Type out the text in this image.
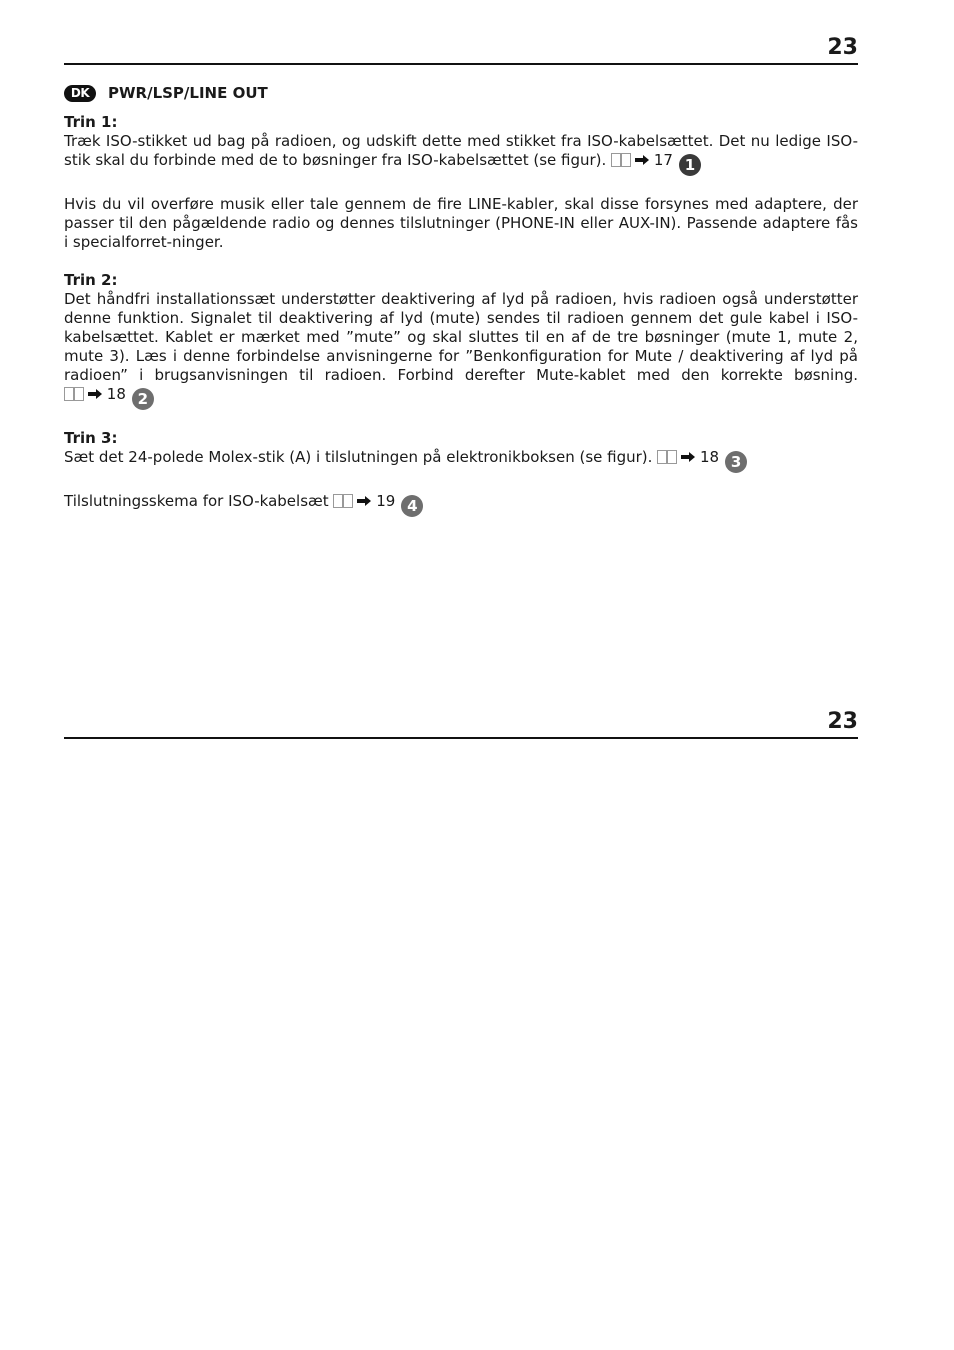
23
DK	PWR/LSP/LINE OUT

Trin 1:

Træk ISO-stikket ud bag på radioen, og udskift dette med stikket fra ISO-kabelsættet. Det nu ledige ISO-stik skal du forbinde med de to bøsninger fra ISO-kabelsættet (se figur).	17 1

Hvis du vil overføre musik eller tale gennem de fire LINE-kabler, skal disse forsynes med adaptere, der passer til den pågældende radio og dennes tilslutninger (PHONE-IN eller AUX-IN). Passende adaptere fås i specialforret-ninger.

Trin 2:

Det håndfri installationssæt understøtter deaktivering af lyd på radioen, hvis radioen også understøtter denne funktion. Signalet til deaktivering af lyd (mute) sendes til radioen gennem det gule kabel i ISO-kabelsættet. Kablet er mærket med ”mute” og skal sluttes til en af de tre bøsninger (mute 1, mute 2, mute 3). Læs i denne forbindelse anvisningerne for ”Benkonfiguration for Mute / deaktivering af lyd på radioen” i brugsanvisningen til radioen. Forbind derefter Mute-kablet med den korrekte bøsning.  18 2

Trin 3:

Sæt det 24-polede Molex-stik (A) i tilslutningen på elektronikboksen (se figur).	18 3

Tilslutningsskema for ISO-kabelsæt	19 4

23
